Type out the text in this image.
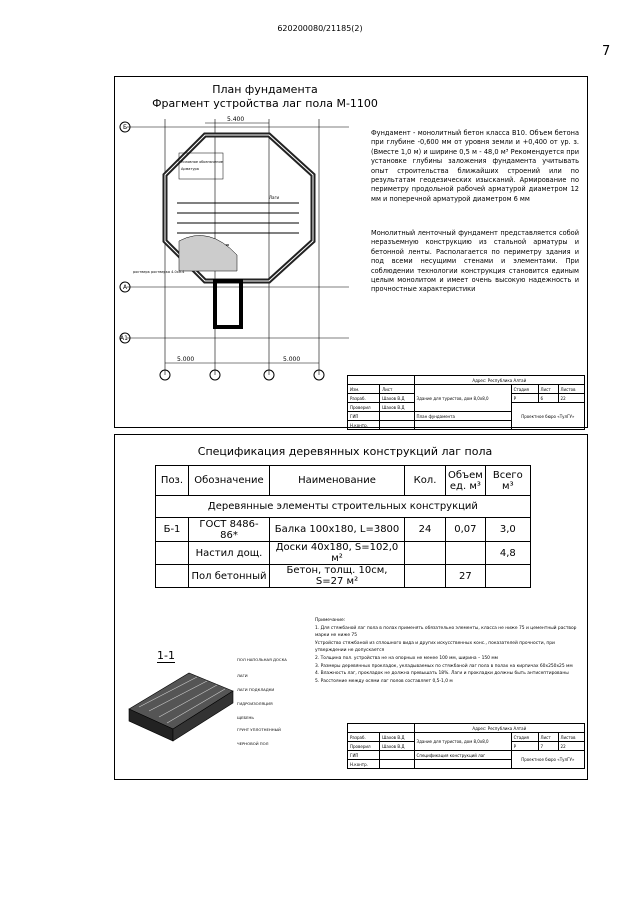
620200080/21185(2)
7
План фундамента
Фрагмент устройства лаг пола М-1100
Б
А
А1
5.400
5.000	5.000
Лаги
Условное обозначение
Арматура
ростверк ростверка 4.0x0.4
Фундамент - монолитный бетон класса В10. Объем бетона при глубине -0,600 мм от уровня земли и +0,400 от ур. з. (Вместе 1,0 м) и ширине 0,5 м - 48,0 м³ Рекомендуется при установке глубины заложения фундамента учитывать опыт строительства ближайших строений или по результатам геодезических изысканий. Армирование по периметру продольной рабочей арматурой диаметром 12 мм и поперечной арматурой диаметром 6 мм
Монолитный ленточный фундамент представляется собой неразъемную конструкцию из стальной арматуры и бетонной ленты. Располагается по периметру здания и под всеми несущими стенами и элементами. При соблюдении технологии конструкция становится единым целым монолитом и имеет очень высокую надежность и прочностные характеристики
		Адрес: Республика Алтай			
Изм.	Лист	Здание для туристов, дом 8,0x8,0	Стадия	Лист	Листов
Разраб.	Шахов В.Д		Р	6	22
Проверил	Шахов В.Д		Проектное бюро «ТулГУ»		
ГИП		План фундамента			
Н.контр.					
Спецификация деревянных конструкций лаг пола
Поз.	Обозначение	Наименование	Кол.	Объем ед. м³	Всего м³
Деревянные элементы строительных конструкций					
Б-1	ГОСТ 8486-86*	Балка 100x180, L=3800	24	0,07	3,0
	Настил дощ.	Доски 40x180, S=102,0 м²			4,8
	Пол бетонный	Бетон, толщ. 10см, S=27 м²		27	
Примечание:
1. Для стяжбаной лаг пола в полах применять обязательно элементы, класса не ниже 75 и цементный раствор марки не ниже 75
Устройство стяжбаной из сплошного вида и других искусственных конс., показателей прочности, при утверждении не допускается
2. Толщина пол. устройства не на опорных не менее 100 мм, ширина – 150 мм
3. Размеры деревянных прокладок, укладываемых по стяжбаной лаг пола в полах на кирпичах 60x250x25 мм
4. Влажность лаг, прокладок не должна превышать 18%. Лаги и прокладки должны быть антисептированы
5. Расстояние между осями лаг полов составляет 0,5-1,0 м
1-1	ПОЛ НАПОЛЬНАЯ ДОСКА
ЛАГИ
ЛАГИ ПОДКЛАДКИ
ГИДРОИЗОЛЯЦИЯ
ЩЕБЕНЬ
ГРУНТ УПЛОТНЕННЫЙ
ЧЕРНОВОЙ ПОЛ
		Адрес: Республика Алтай			
Разраб.	Шахов В.Д	Здание для туристов, дом 8,0x8,0	Стадия	Лист	Листов
Проверил	Шахов В.Д		Р	7	22
ГИП		Спецификация конструкций лаг	Проектное бюро «ТулГУ»		
Н.контр.					
